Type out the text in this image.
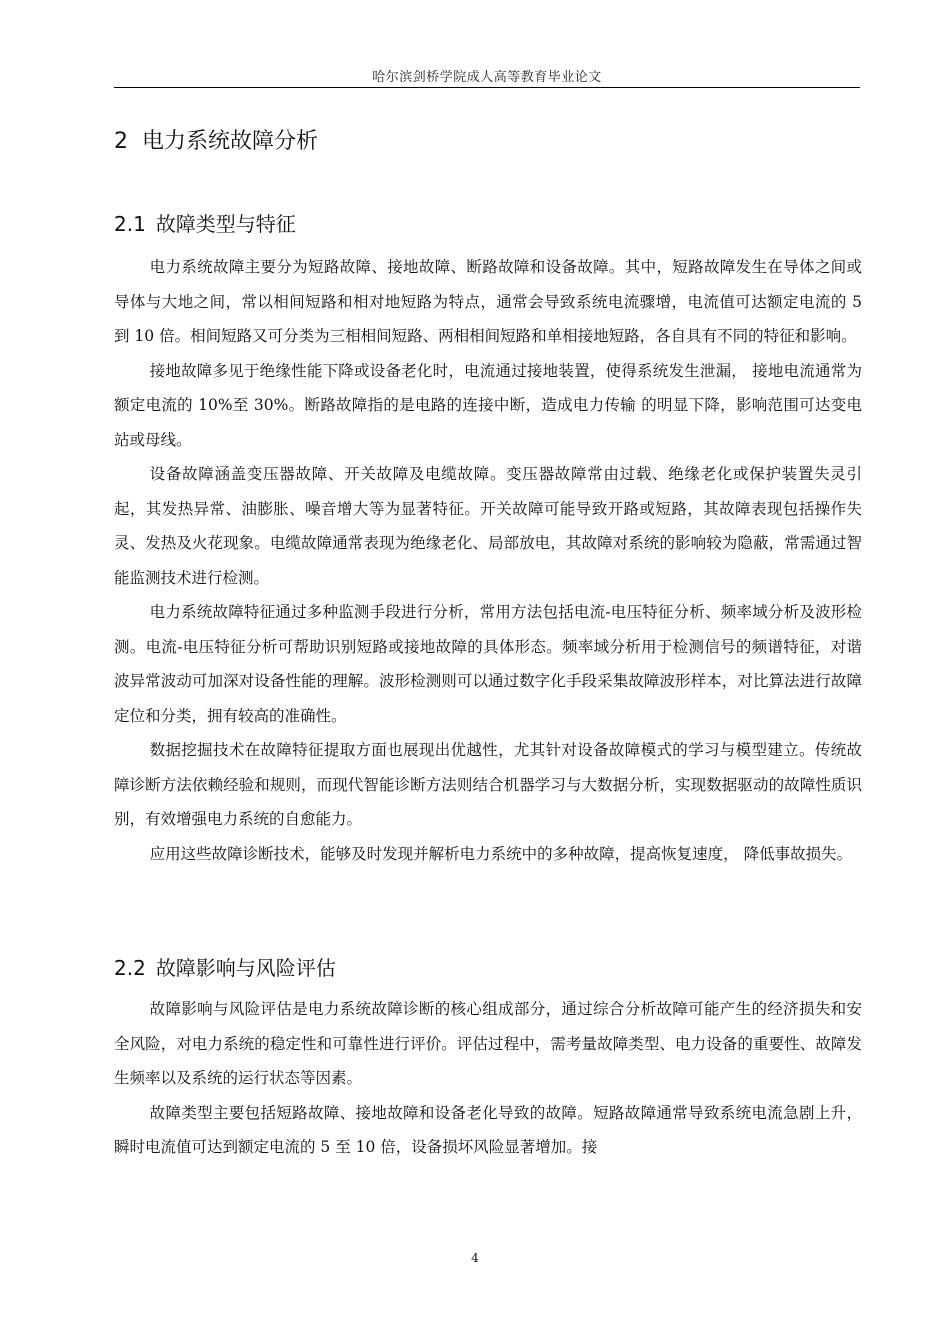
哈尔滨剑桥学院成人高等教育毕业论文
2 电力系统故障分析
2.1 故障类型与特征

电力系统故障主要分为短路故障、接地故障、断路故障和设备故障。其中，短路故障发生在导体之间或导体与大地之间，常以相间短路和相对地短路为特点，通常会导致系统电流骤增，电流值可达额定电流的 5 到 10 倍。相间短路又可分类为三相相间短路、两相相间短路和单相接地短路，各自具有不同的特征和影响。

接地故障多见于绝缘性能下降或设备老化时，电流通过接地装置，使得系统发生泄漏， 接地电流通常为额定电流的 10%至 30%。断路故障指的是电路的连接中断，造成电力传输 的明显下降，影响范围可达变电站或母线。

设备故障涵盖变压器故障、开关故障及电缆故障。变压器故障常由过载、绝缘老化或保护装置失灵引起，其发热异常、油膨胀、噪音增大等为显著特征。开关故障可能导致开路或短路，其故障表现包括操作失灵、发热及火花现象。电缆故障通常表现为绝缘老化、局部放电，其故障对系统的影响较为隐蔽，常需通过智能监测技术进行检测。

电力系统故障特征通过多种监测手段进行分析，常用方法包括电流-电压特征分析、频率域分析及波形检测。电流-电压特征分析可帮助识别短路或接地故障的具体形态。频率域分析用于检测信号的频谱特征，对谐波异常波动可加深对设备性能的理解。波形检测则可以通过数字化手段采集故障波形样本，对比算法进行故障定位和分类，拥有较高的准确性。

数据挖掘技术在故障特征提取方面也展现出优越性，尤其针对设备故障模式的学习与模型建立。传统故障诊断方法依赖经验和规则，而现代智能诊断方法则结合机器学习与大数据分析，实现数据驱动的故障性质识别，有效增强电力系统的自愈能力。

应用这些故障诊断技术，能够及时发现并解析电力系统中的多种故障，提高恢复速度， 降低事故损失。

2.2 故障影响与风险评估

故障影响与风险评估是电力系统故障诊断的核心组成部分，通过综合分析故障可能产生的经济损失和安全风险，对电力系统的稳定性和可靠性进行评价。评估过程中，需考量故障类型、电力设备的重要性、故障发生频率以及系统的运行状态等因素。

故障类型主要包括短路故障、接地故障和设备老化导致的故障。短路故障通常导致系统电流急剧上升，瞬时电流值可达到额定电流的 5 至 10 倍，设备损坏风险显著增加。接

4
